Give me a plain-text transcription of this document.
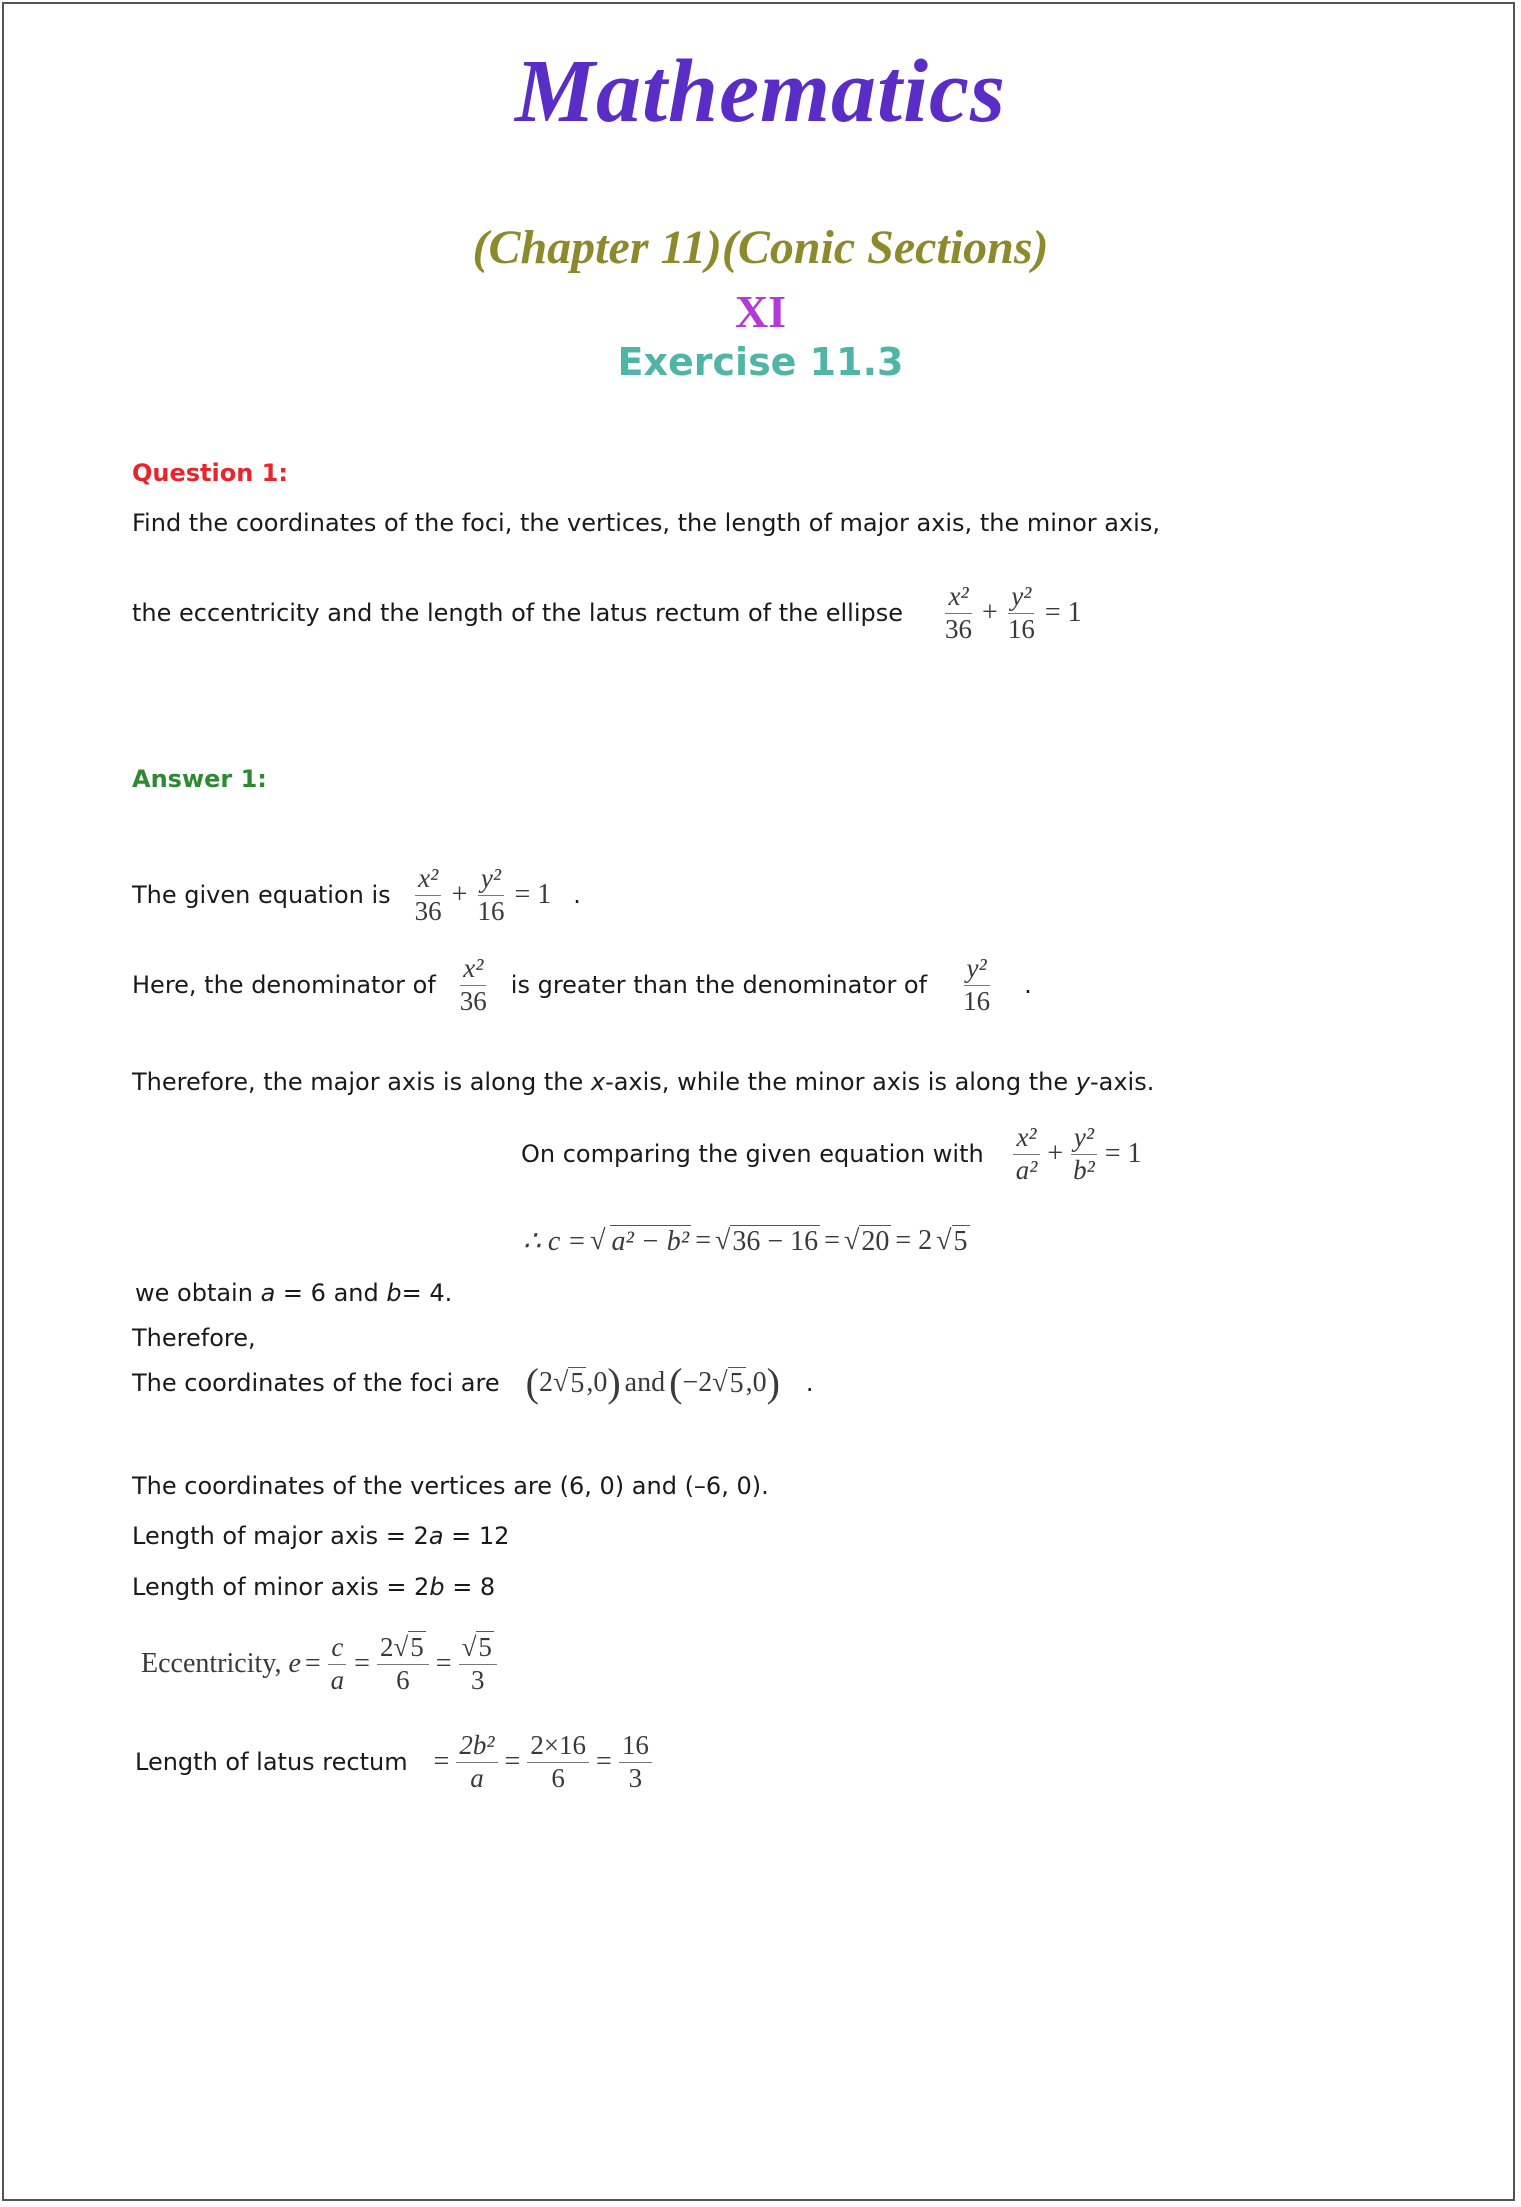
Mathematics
(Chapter 11)(Conic Sections)
XI
Exercise 11.3
Question 1:
Find the coordinates of the foci, the vertices, the length of major axis, the minor axis,
the eccentricity and the length of the latus rectum of the ellipse $\frac{\text{x²}}{36} + \frac{\text{y²}}{16} = 1$
Answer 1:
The given equation is $\frac{\text{x²}}{36} + \frac{\text{y²}}{16} = 1$ .
Here, the denominator of $\frac{\text{x²}}{36}$ is greater than the denominator of $\frac{\text{y²}}{16}$ .
Therefore, the major axis is along the x -axis, while the minor axis is along the y -axis.
On comparing the given equation with $\frac{\text{x²}}{\text{a²}} + \frac{\text{y²}}{\text{b²}} = 1$
∴ c = √ a² − b² = √ 36 − 16 = √ 20 = 2 √ 5
we obtain a = 6 and b = 4.
Therefore,
The coordinates of the foci are ( 2 √ 5 ,0 ) and ( −2 √ 5 ,0 ) .
The coordinates of the vertices are (6, 0) and (–6, 0).
Length of major axis = 2 a = 12
Length of minor axis = 2 b = 8
Eccentricity, $e = \frac{c}{a} = \frac{2√5}{6} = \frac{√5}{3}$
Length of latus rectum = $\frac{\text{2b²}}{a} = \frac{2\times 16}{6} = \frac{16}{3}$
